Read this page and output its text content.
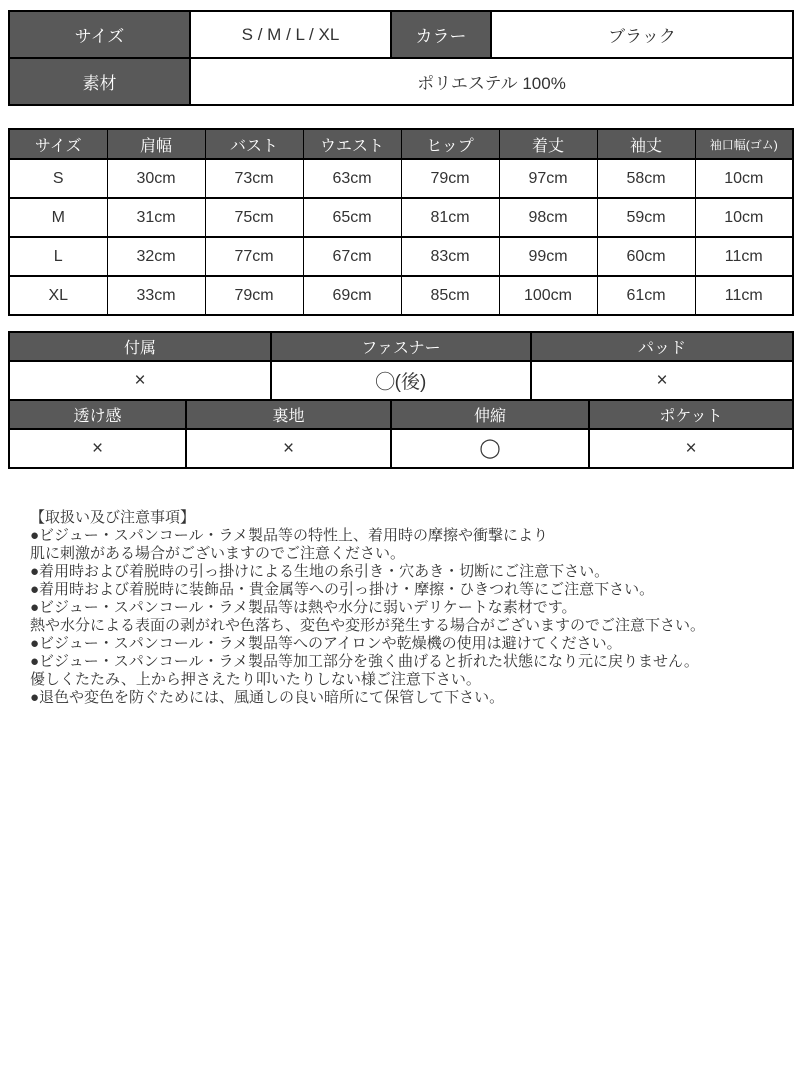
サイズ	S / M / L / XL	カラー	ブラック
素材	ポリエステル 100%		
サイズ	肩幅	バスト	ウエスト	ヒップ	着丈	袖丈	袖口幅(ゴム)
S	30cm	73cm	63cm	79cm	97cm	58cm	10cm
M	31cm	75cm	65cm	81cm	98cm	59cm	10cm
L	32cm	77cm	67cm	83cm	99cm	60cm	11cm
XL	33cm	79cm	69cm	85cm	100cm	61cm	11cm
付属	ファスナー	パッド
×	◯(後)	×
透け感	裏地	伸縮	ポケット
×	×	◯	×
【取扱い及び注意事項】
●ビジュー・スパンコール・ラメ製品等の特性上、着用時の摩擦や衝撃により
肌に刺激がある場合がございますのでご注意ください。
●着用時および着脱時の引っ掛けによる生地の糸引き・穴あき・切断にご注意下さい。
●着用時および着脱時に装飾品・貴金属等への引っ掛け・摩擦・ひきつれ等にご注意下さい。
●ビジュー・スパンコール・ラメ製品等は熱や水分に弱いデリケートな素材です。
熱や水分による表面の剥がれや色落ち、変色や変形が発生する場合がございますのでご注意下さい。
●ビジュー・スパンコール・ラメ製品等へのアイロンや乾燥機の使用は避けてください。
●ビジュー・スパンコール・ラメ製品等加工部分を強く曲げると折れた状態になり元に戻りません。
優しくたたみ、上から押さえたり叩いたりしない様ご注意下さい。
●退色や変色を防ぐためには、風通しの良い暗所にて保管して下さい。
